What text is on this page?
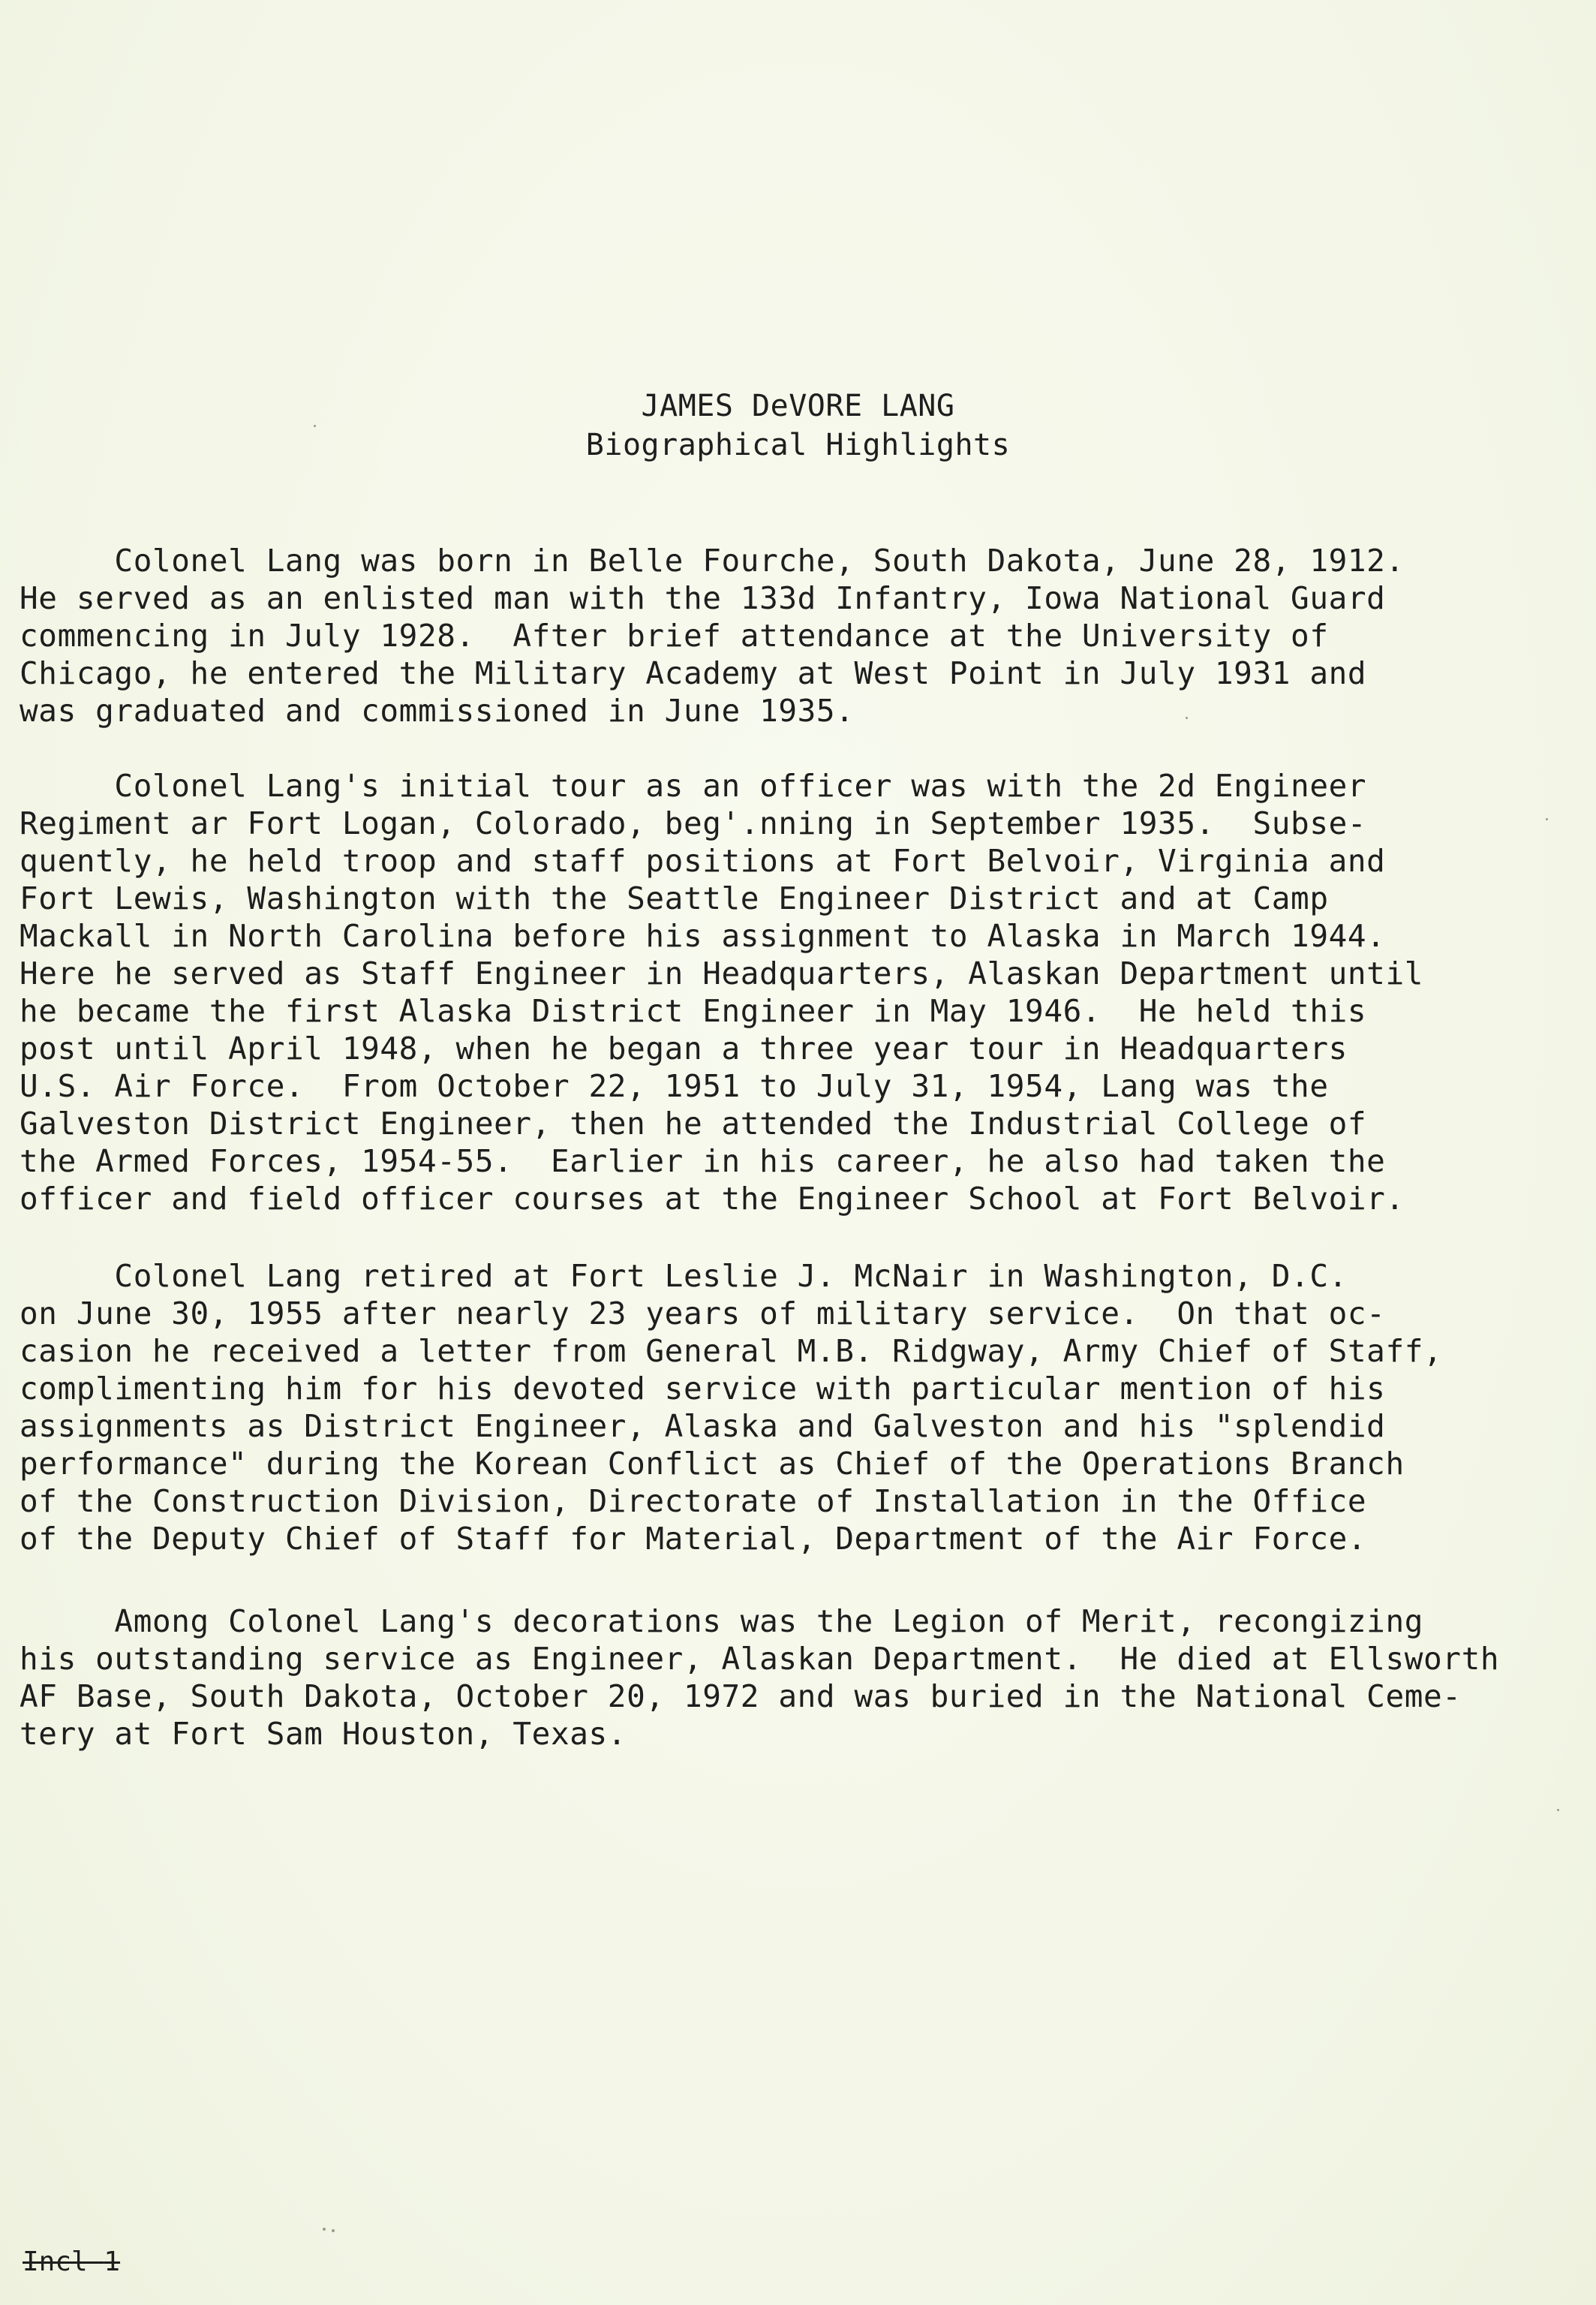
JAMES DeVORE LANG
Biographical Highlights
Colonel Lang was born in Belle Fourche, South Dakota, June 28, 1912.
He served as an enlisted man with the 133d Infantry, Iowa National Guard
commencing in July 1928.  After brief attendance at the University of
Chicago, he entered the Military Academy at West Point in July 1931 and
was graduated and commissioned in June 1935.
Colonel Lang's initial tour as an officer was with the 2d Engineer
Regiment ar Fort Logan, Colorado, beg'.nning in September 1935.  Subse-
quently, he held troop and staff positions at Fort Belvoir, Virginia and
Fort Lewis, Washington with the Seattle Engineer District and at Camp
Mackall in North Carolina before his assignment to Alaska in March 1944.
Here he served as Staff Engineer in Headquarters, Alaskan Department until
he became the first Alaska District Engineer in May 1946.  He held this
post until April 1948, when he began a three year tour in Headquarters
U.S. Air Force.  From October 22, 1951 to July 31, 1954, Lang was the
Galveston District Engineer, then he attended the Industrial College of
the Armed Forces, 1954-55.  Earlier in his career, he also had taken the
officer and field officer courses at the Engineer School at Fort Belvoir.
Colonel Lang retired at Fort Leslie J. McNair in Washington, D.C.
on June 30, 1955 after nearly 23 years of military service.  On that oc-
casion he received a letter from General M.B. Ridgway, Army Chief of Staff,
complimenting him for his devoted service with particular mention of his
assignments as District Engineer, Alaska and Galveston and his "splendid
performance" during the Korean Conflict as Chief of the Operations Branch
of the Construction Division, Directorate of Installation in the Office
of the Deputy Chief of Staff for Material, Department of the Air Force.
Among Colonel Lang's decorations was the Legion of Merit, recongizing
his outstanding service as Engineer, Alaskan Department.  He died at Ellsworth
AF Base, South Dakota, October 20, 1972 and was buried in the National Ceme-
tery at Fort Sam Houston, Texas.
Incl 1
